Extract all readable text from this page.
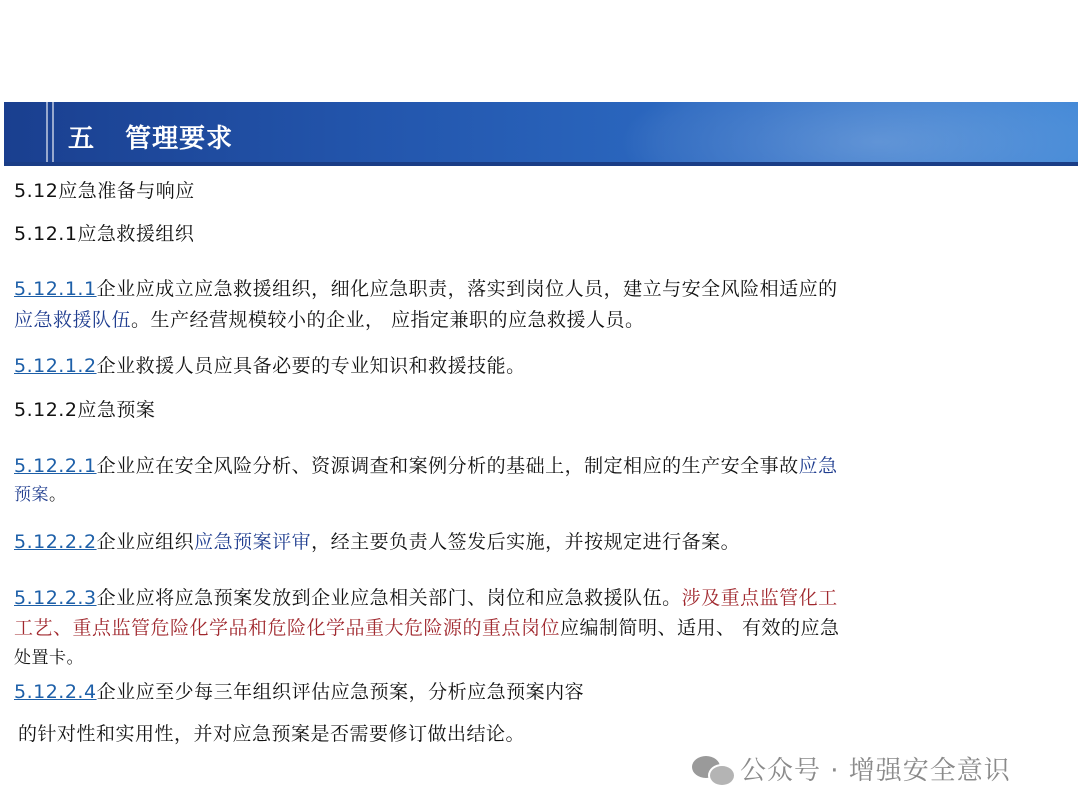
五   管理要求
5.12应急准备与响应
5.12.1应急救援组织
5.12.1.1企业应成立应急救援组织，细化应急职责，落实到岗位人员，建立与安全风险相适应的
应急救援队伍。生产经营规模较小的企业， 应指定兼职的应急救援人员。
5.12.1.2企业救援人员应具备必要的专业知识和救援技能。
5.12.2应急预案
5.12.2.1企业应在安全风险分析、资源调查和案例分析的基础上，制定相应的生产安全事故应急
预案。
5.12.2.2企业应组织应急预案评审，经主要负责人签发后实施，并按规定进行备案。
5.12.2.3企业应将应急预案发放到企业应急相关部门、岗位和应急救援队伍。涉及重点监管化工
工艺、重点监管危险化学品和危险化学品重大危险源的重点岗位应编制简明、适用、 有效的应急
处置卡。
5.12.2.4企业应至少每三年组织评估应急预案，分析应急预案内容
的针对性和实用性，并对应急预案是否需要修订做出结论。
公众号 · 增强安全意识
